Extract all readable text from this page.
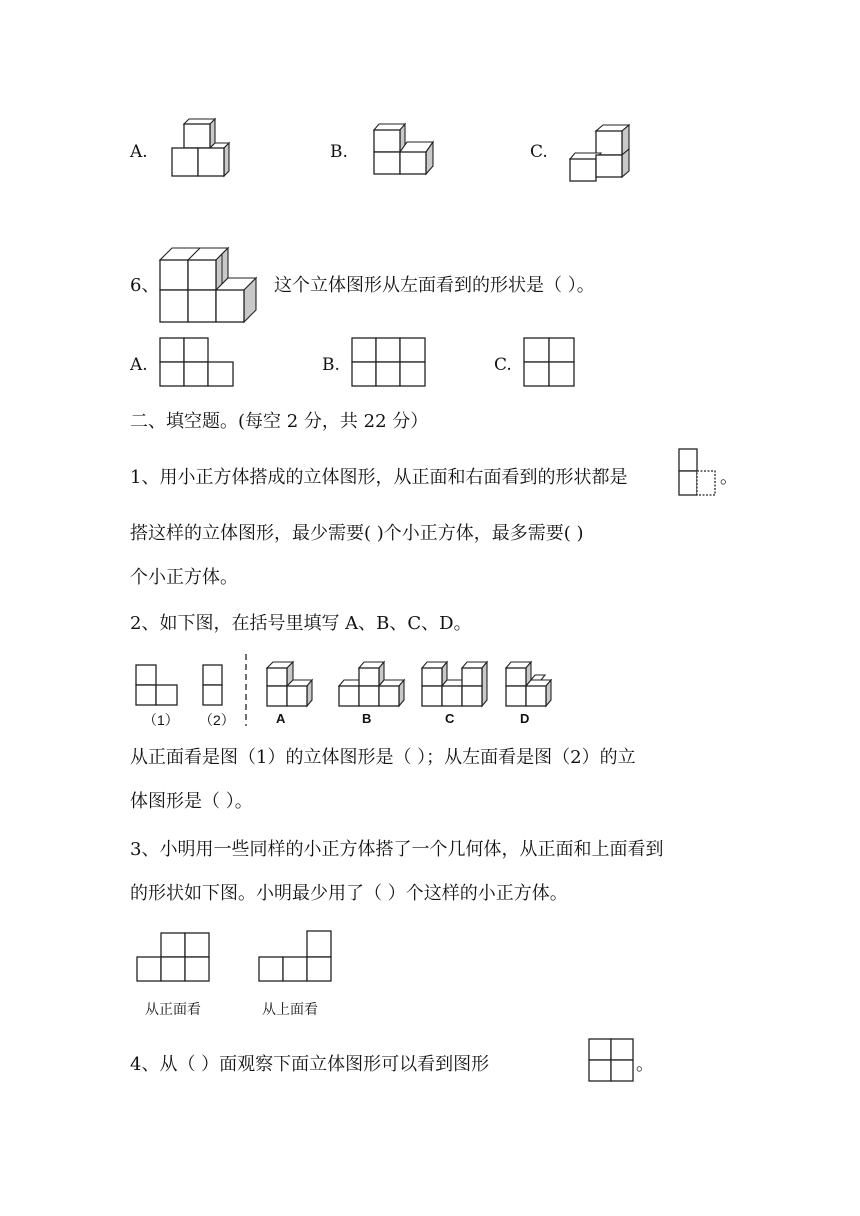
A.	B.	C.
6、	这个立体图形从左面看到的形状是（ ）。
A.	B.	C.
二、填空题。(每空 2 分，共 22 分）
1、用小正方体搭成的立体图形，从正面和右面看到的形状都是	。
搭这样的立体图形，最少需要( )个小正方体，最多需要( )
个小正方体。
2、如下图，在括号里填写 A、B、C、D。
（1） （2）	A	B	C	D
从正面看是图（1）的立体图形是（ ）；从左面看是图（2）的立
体图形是（ ）。
3、小明用一些同样的小正方体搭了一个几何体，从正面和上面看到
的形状如下图。小明最少用了（ ）个这样的小正方体。
从正面看	从上面看
4、从（ ）面观察下面立体图形可以看到图形	。
